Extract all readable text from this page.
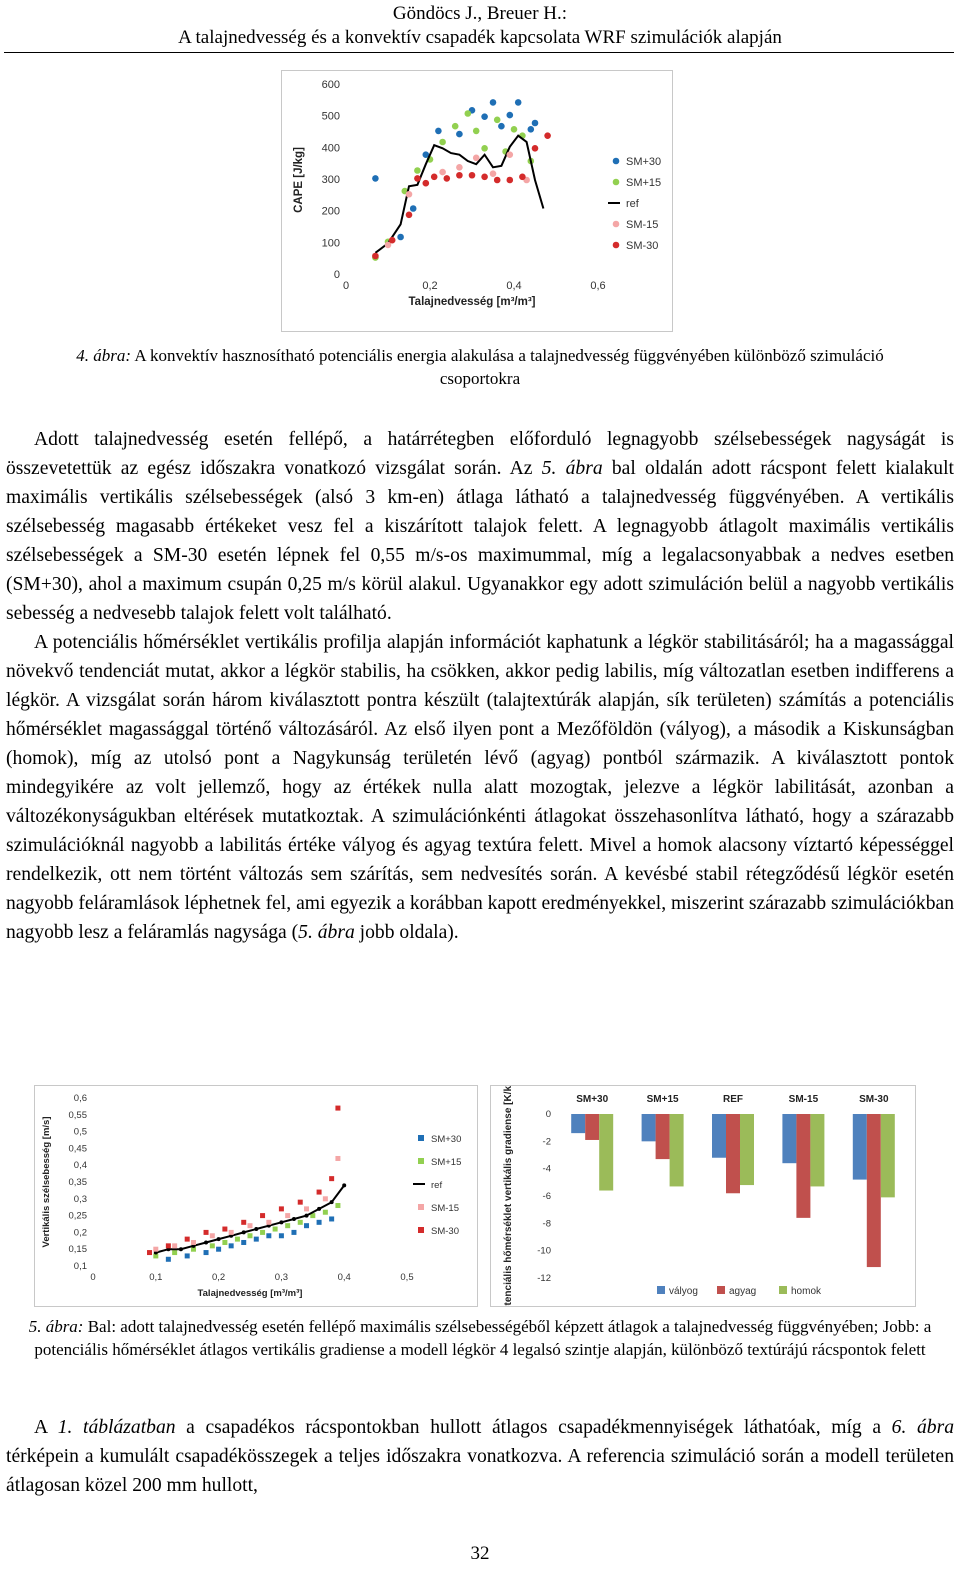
Göndöcs J., Breuer H.:
A talajnedvesség és a konvektív csapadék kapcsolata WRF szimulációk alapján
0
100
200
300
400
500
600
0	0,2	0,4	0,6
Talajnedvesség [m³/m³]
CAPE [J/kg]	SM+30
SM+15
ref
SM-15
SM-30
4. ábra: A konvektív hasznosítható potenciális energia alakulása a talajnedvesség függvényében különböző szimuláció csoportokra

Adott talajnedvesség esetén fellépő, a határrétegben előforduló legnagyobb szélsebességek nagyságát is összevetettük az egész időszakra vonatkozó vizsgálat során. Az 5. ábra bal oldalán adott rácspont felett kialakult maximális vertikális szélsebességek (alsó 3 km-en) átlaga látható a talajnedvesség függvényében. A vertikális szélsebesség magasabb értékeket vesz fel a kiszárított talajok felett. A legnagyobb átlagolt maximális vertikális szélsebességek a SM-30 esetén lépnek fel 0,55 m/s-os maximummal, míg a legalacsonyabbak a nedves esetben (SM+30), ahol a maximum csupán 0,25 m/s körül alakul. Ugyanakkor egy adott szimuláción belül a nagyobb vertikális sebesség a nedvesebb talajok felett volt található.

A potenciális hőmérséklet vertikális profilja alapján információt kaphatunk a légkör stabilitásáról; ha a magassággal növekvő tendenciát mutat, akkor a légkör stabilis, ha csökken, akkor pedig labilis, míg változatlan esetben indifferens a légkör. A vizsgálat során három kiválasztott pontra készült (talajtextúrák alapján, sík területen) számítás a potenciális hőmérséklet magassággal történő változásáról. Az első ilyen pont a Mezőföldön (vályog), a második a Kiskunságban (homok), míg az utolsó pont a Nagykunság területén lévő (agyag) pontból származik. A kiválasztott pontok mindegyikére az volt jellemző, hogy az értékek nulla alatt mozogtak, jelezve a légkör labilitását, azonban a változékonyságukban eltérések mutatkoztak. A szimulációnkénti átlagokat összehasonlítva látható, hogy a szárazabb szimulációknál nagyobb a labilitás értéke vályog és agyag textúra felett. Mivel a homok alacsony víztartó képességgel rendelkezik, ott nem történt változás sem szárítás, sem nedvesítés során. A kevésbé stabil rétegződésű légkör esetén nagyobb feláramlások léphetnek fel, ami egyezik a korábban kapott eredményekkel, miszerint szárazabb szimulációkban nagyobb lesz a feláramlás nagysága (5. ábra jobb oldala).

0,1
0,15
0,2
0,25
0,3
0,35
0,4
0,45
0,5
0,55
0,6
0	0,1	0,2	0,3	0,4	0,5
Talajnedvesség [m³/m³]
Vertikális szélsebesség [m/s]	SM+30
SM+15
ref
SM-15
SM-30
0
-2
-4
-6
-8
-10
-12
Potenciális hőmérséklet vertikális gradiense [K/km]	SM+30	SM+15	REF	SM-15	SM-30
vályog	agyag	homok
5. ábra: Bal: adott talajnedvesség esetén fellépő maximális szélsebességéből képzett átlagok a talajnedvesség függvényében; Jobb: a potenciális hőmérséklet átlagos vertikális gradiense a modell légkör 4 legalsó szintje alapján, különböző textúrájú rácspontok felett

A 1. táblázatban a csapadékos rácspontokban hullott átlagos csapadékmennyiségek láthatóak, míg a 6. ábra térképein a kumulált csapadékösszegek a teljes időszakra vonatkozva. A referencia szimuláció során a modell területen átlagosan közel 200 mm hullott,

32
